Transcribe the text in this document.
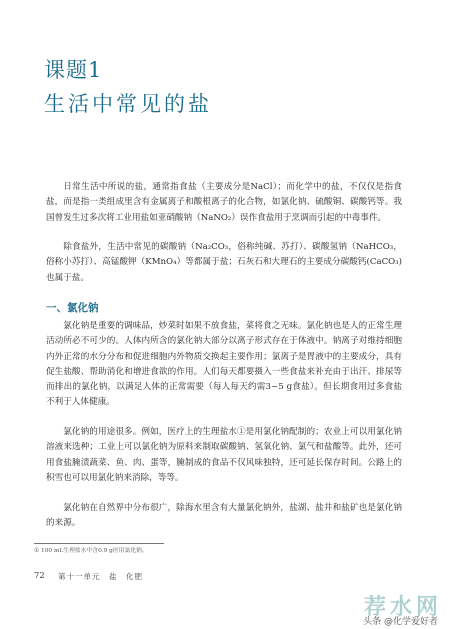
课题1
生活中常见的盐

日常生活中所说的盐，通常指食盐（主要成分是NaCl）；而化学中的盐，不仅仅是指食盐，而是指一类组成里含有金属离子和酸根离子的化合物，如氯化钠、硫酸铜、碳酸钙等。我国曾发生过多次将工业用盐如亚硝酸钠（NaNO₂）误作食盐用于烹调而引起的中毒事件。

除食盐外，生活中常见的碳酸钠（Na₂CO₃，俗称纯碱、苏打）、碳酸氢钠（NaHCO₃，俗称小苏打）、高锰酸钾（KMnO₄）等都属于盐；石灰石和大理石的主要成分碳酸钙(CaCO₃)也属于盐。

一、氯化钠

氯化钠是重要的调味品，炒菜时如果不放食盐，菜将食之无味。氯化钠也是人的正常生理活动所必不可少的。人体内所含的氯化钠大部分以离子形式存在于体液中。钠离子对维持细胞内外正常的水分分布和促进细胞内外物质交换起主要作用；氯离子是胃液中的主要成分，具有促生盐酸、帮助消化和增进食欲的作用。人们每天都要摄入一些食盐来补充由于出汗、排尿等而排出的氯化钠，以满足人体的正常需要（每人每天约需3~5 g食盐）。但长期食用过多食盐不利于人体健康。

氯化钠的用途很多。例如，医疗上的生理盐水①是用氯化钠配制的；农业上可以用氯化钠溶液来选种；工业上可以氯化钠为原料来制取碳酸钠、氢氧化钠、氯气和盐酸等。此外，还可用食盐腌渍蔬菜、鱼、肉、蛋等，腌制成的食品不仅风味独特，还可延长保存时间。公路上的积雪也可以用氯化钠来消除，等等。

氯化钠在自然界中分布很广，除海水里含有大量氯化钠外，盐湖、盐井和盐矿也是氯化钠的来源。

① 100 mL生理盐水中含0.9 g医用氯化钠。
72 第十一单元　盐　化肥
荐水网
头条 @化学爱好者
